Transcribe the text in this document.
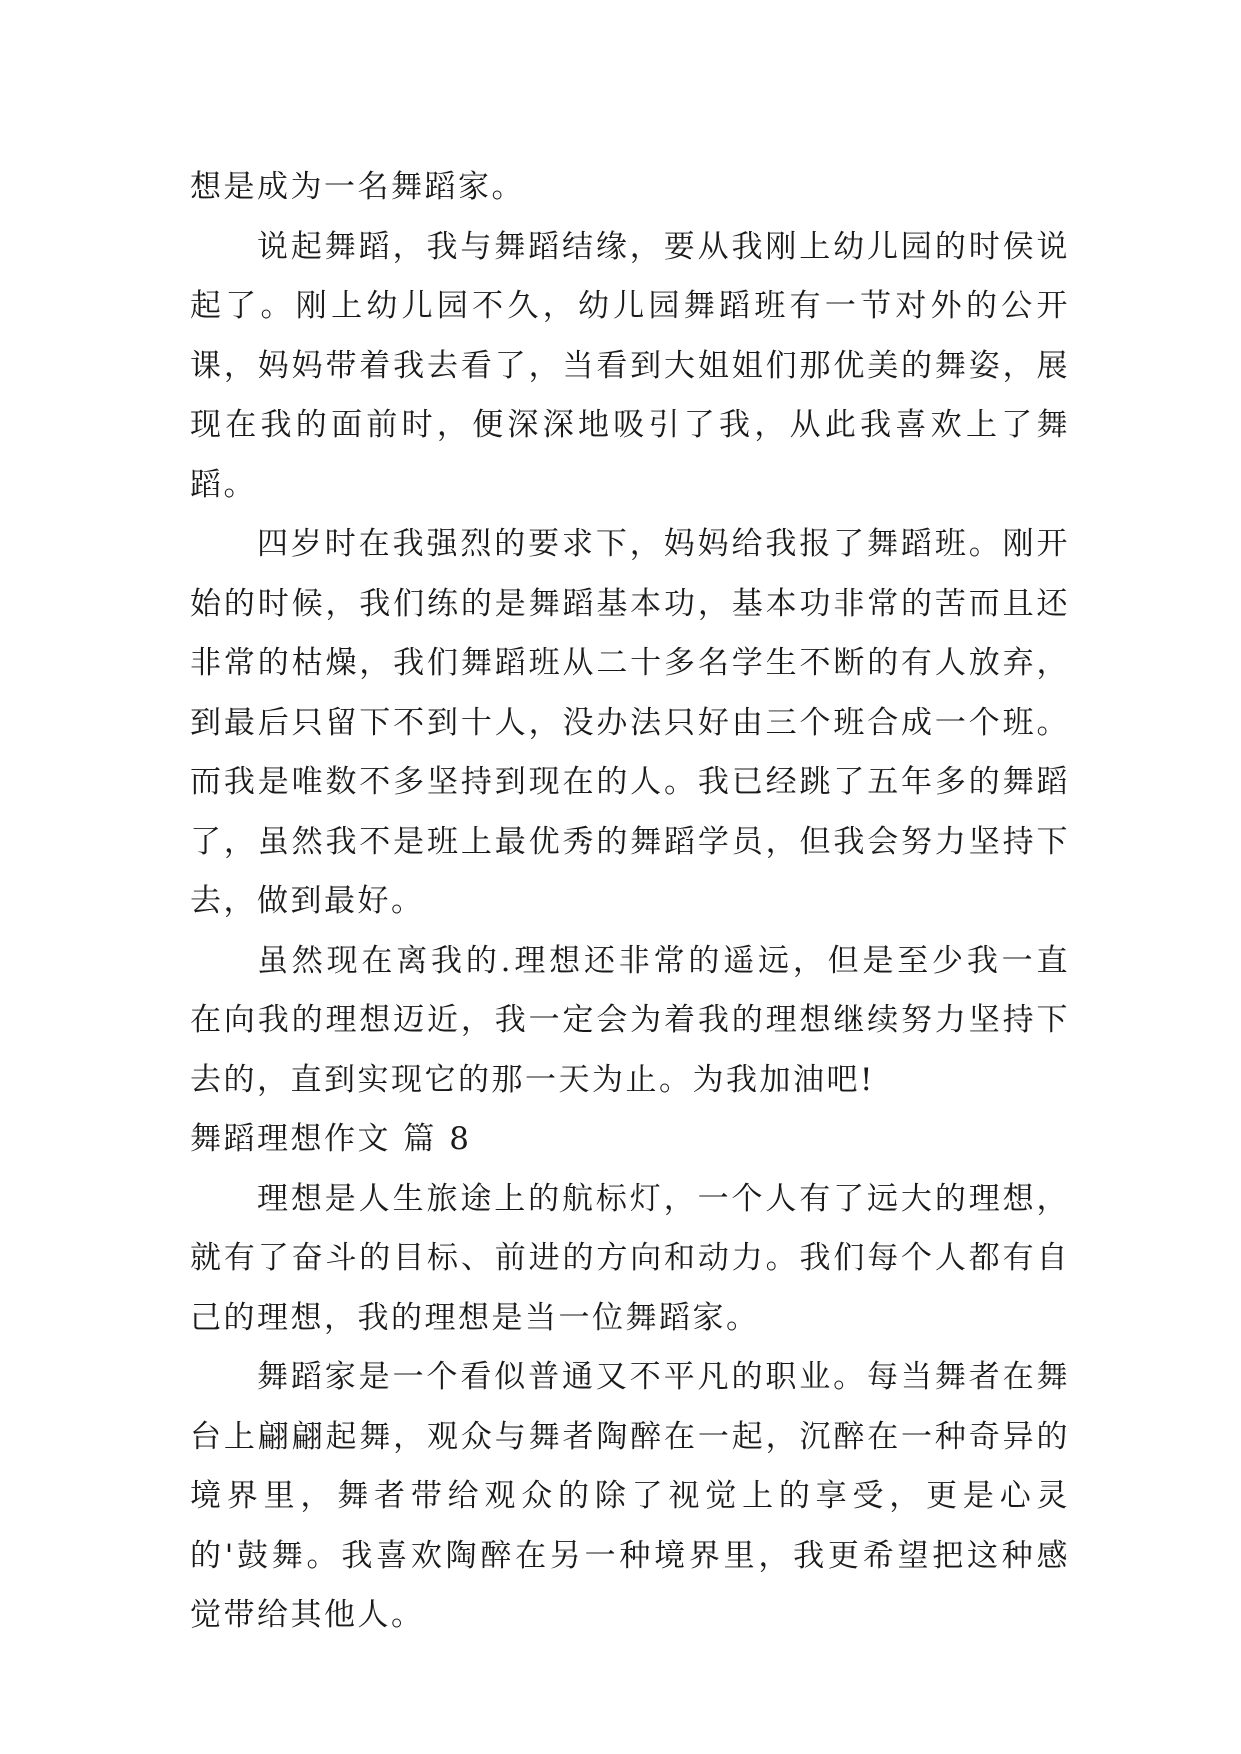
想是成为一名舞蹈家。

说起舞蹈，我与舞蹈结缘，要从我刚上幼儿园的时侯说起了。刚上幼儿园不久，幼儿园舞蹈班有一节对外的公开课，妈妈带着我去看了，当看到大姐姐们那优美的舞姿，展现在我的面前时，便深深地吸引了我，从此我喜欢上了舞蹈。

四岁时在我强烈的要求下，妈妈给我报了舞蹈班。刚开始的时候，我们练的是舞蹈基本功，基本功非常的苦而且还非常的枯燥，我们舞蹈班从二十多名学生不断的有人放弃，到最后只留下不到十人，没办法只好由三个班合成一个班。而我是唯数不多坚持到现在的人。我已经跳了五年多的舞蹈了，虽然我不是班上最优秀的舞蹈学员，但我会努力坚持下去，做到最好。

虽然现在离我的.理想还非常的遥远，但是至少我一直在向我的理想迈近，我一定会为着我的理想继续努力坚持下去的，直到实现它的那一天为止。为我加油吧!

舞蹈理想作文 篇 8

理想是人生旅途上的航标灯，一个人有了远大的理想，就有了奋斗的目标、前进的方向和动力。我们每个人都有自己的理想，我的理想是当一位舞蹈家。

舞蹈家是一个看似普通又不平凡的职业。每当舞者在舞台上翩翩起舞，观众与舞者陶醉在一起，沉醉在一种奇异的境界里，舞者带给观众的除了视觉上的享受，更是心灵的'鼓舞。我喜欢陶醉在另一种境界里，我更希望把这种感觉带给其他人。
